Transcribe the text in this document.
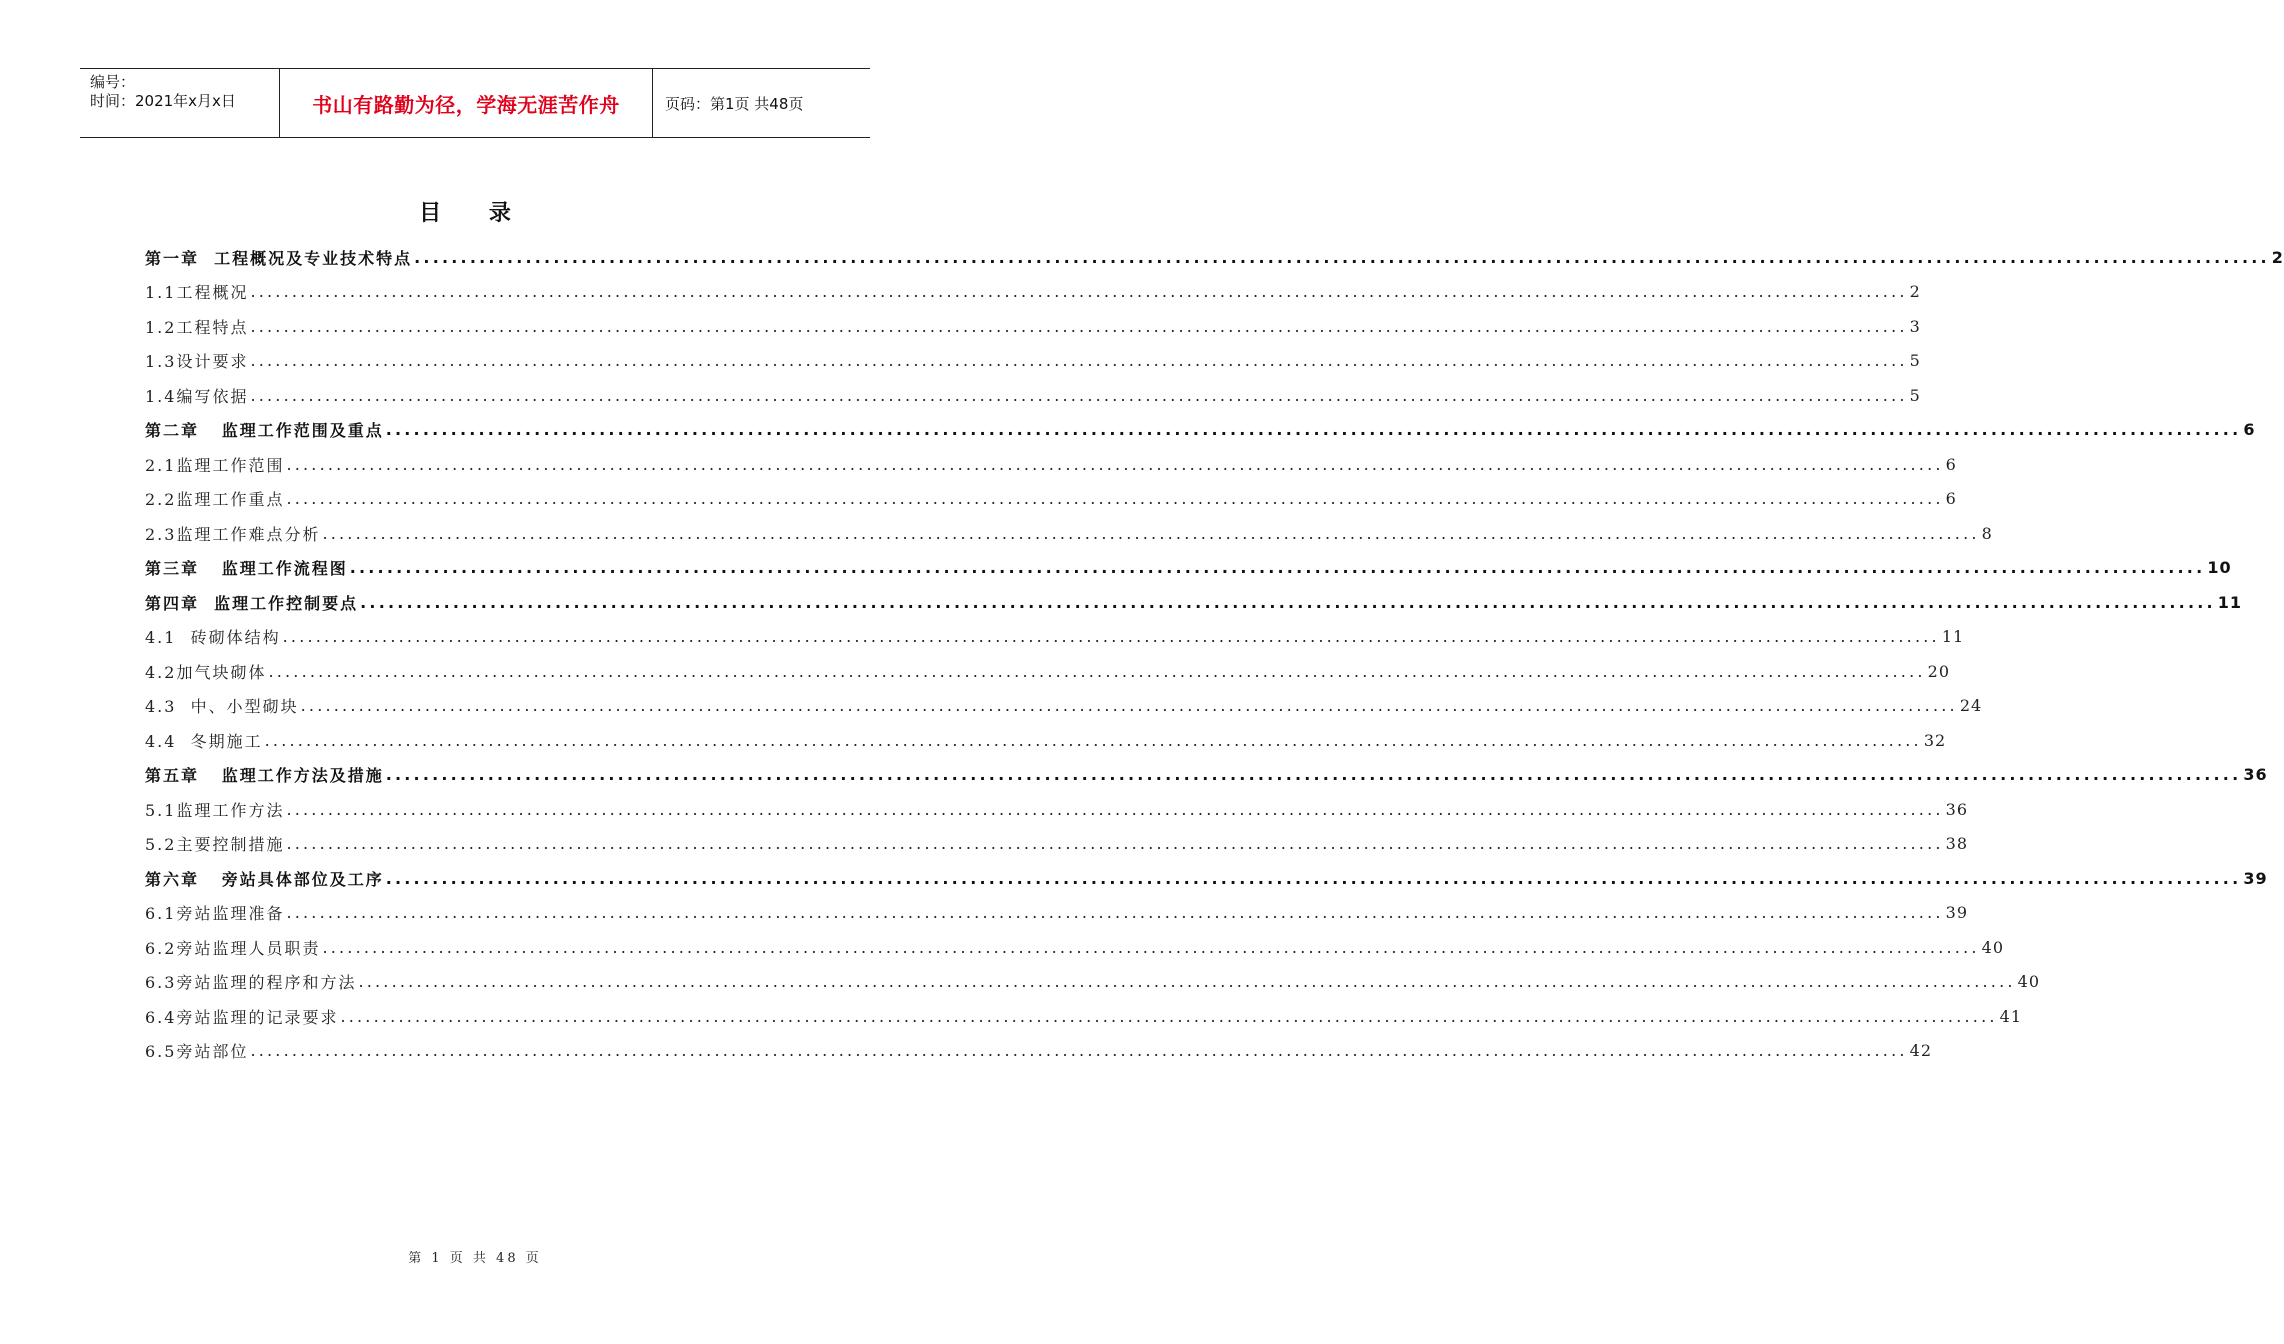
编号：
时间：2021年x月x日	书山有路勤为径，学海无涯苦作舟	页码：第1页 共48页
目 录
第一章  工程概况及专业技术特点 ........................................................................................................................................................................................................ 2
1.1工程概况 ........................................................................................................................................................................................................ 2
1.2工程特点 ........................................................................................................................................................................................................ 3
1.3设计要求 ........................................................................................................................................................................................................ 5
1.4编写依据 ........................................................................................................................................................................................................ 5
第二章   监理工作范围及重点 ........................................................................................................................................................................................................ 6
2.1监理工作范围 ........................................................................................................................................................................................................ 6
2.2监理工作重点 ........................................................................................................................................................................................................ 6
2.3监理工作难点分析 ........................................................................................................................................................................................................ 8
第三章   监理工作流程图 ........................................................................................................................................................................................................ 10
第四章  监理工作控制要点 ........................................................................................................................................................................................................ 11
4.1  砖砌体结构 ........................................................................................................................................................................................................ 11
4.2加气块砌体 ........................................................................................................................................................................................................ 20
4.3  中、小型砌块 ........................................................................................................................................................................................................ 24
4.4  冬期施工 ........................................................................................................................................................................................................ 32
第五章   监理工作方法及措施 ........................................................................................................................................................................................................ 36
5.1监理工作方法 ........................................................................................................................................................................................................ 36
5.2主要控制措施 ........................................................................................................................................................................................................ 38
第六章   旁站具体部位及工序 ........................................................................................................................................................................................................ 39
6.1旁站监理准备 ........................................................................................................................................................................................................ 39
6.2旁站监理人员职责 ........................................................................................................................................................................................................ 40
6.3旁站监理的程序和方法 ........................................................................................................................................................................................................ 40
6.4旁站监理的记录要求 ........................................................................................................................................................................................................ 41
6.5旁站部位 ........................................................................................................................................................................................................ 42
第 1 页 共 48 页
